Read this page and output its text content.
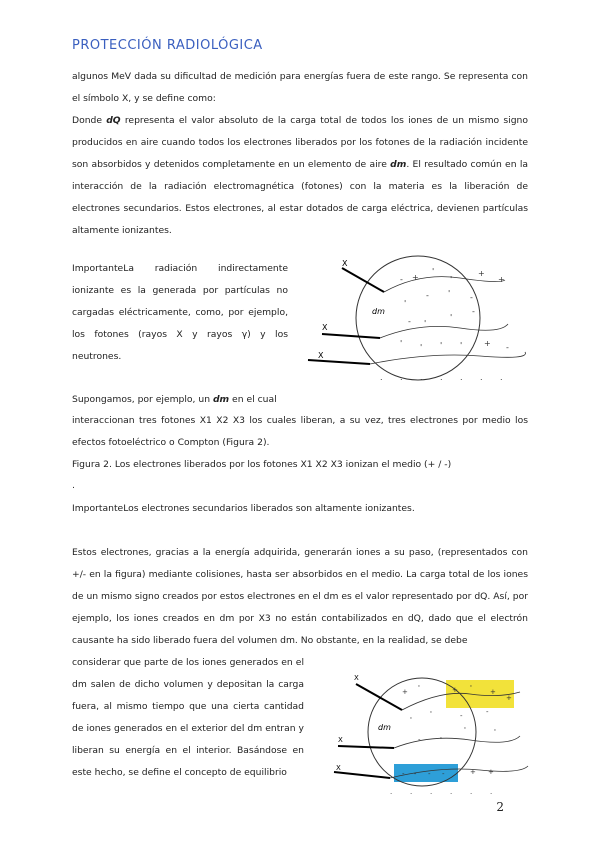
PROTECCIÓN RADIOLÓGICA
algunos MeV dada su dificultad de medición para energías fuera de este rango. Se representa con el símbolo X, y se define como:
Donde dQ representa el valor absoluto de la carga total de todos los iones de un mismo signo producidos en aire cuando todos los electrones liberados por los fotones de la radiación incidente son absorbidos y detenidos completamente en un elemento de aire dm. El resultado común en la interacción de la radiación electromagnética (fotones) con la materia es la liberación de electrones secundarios. Estos electrones, al estar dotados de carga eléctrica, devienen partículas altamente ionizantes.
ImportanteLa radiación indirectamente ionizante es la generada por partículas no cargadas eléctricamente, como, por ejemplo, los fotones (rayos X y rayos γ) y los neutrones.
X
X
X
dm
- +
'
'
+
+
'
- ' -
- '
'
-
' ' ' '	+ -
. . . . . . .
Supongamos, por ejemplo, un dm en el cual
interaccionan tres fotones X1 X2 X3 los cuales liberan, a su vez, tres electrones por medio los efectos fotoeléctrico o Compton (Figura 2).
Figura 2. Los electrones liberados por los fotones X1 X2 X3 ionizan el medio (+ / -)
.
ImportanteLos electrones secundarios liberados son altamente ionizantes.
Estos electrones, gracias a la energía adquirida, generarán iones a su paso, (representados con +/- en la figura) mediante colisiones, hasta ser absorbidos en el medio. La carga total de los iones de un mismo signo creados por estos electrones en el dm es el valor representado por dQ. Así, por ejemplo, los iones creados en dm por X3 no están contabilizados en dQ, dado que el electrón causante ha sido liberado fuera del volumen dm. No obstante, en la realidad, se debe
considerar que parte de los iones generados en el dm salen de dicho volumen y depositan la carga fuera, al mismo tiempo que una cierta cantidad de iones generados en el exterior del dm entran y liberan su energía en el interior. Basándose en este hecho, se define el concepto de equilibrio
X
X
X
dm
+ '	+ '	+
+
'
'	-	-
-	'
'	'
- - - -	+ +
.	.	.	.	.	.
2
